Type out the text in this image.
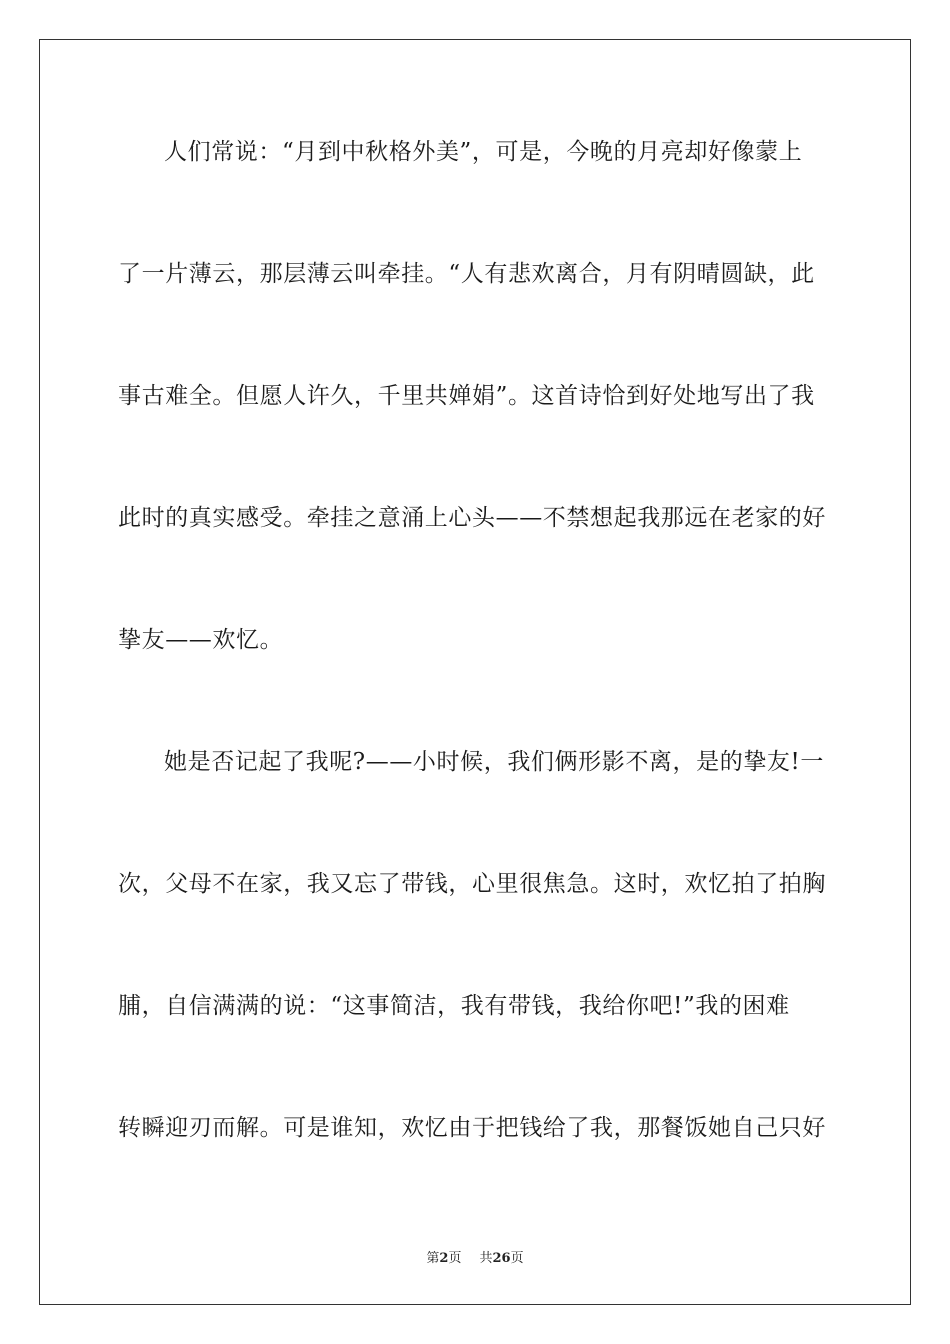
人们常说：“月到中秋格外美”，可是，今晚的月亮却好像蒙上
了一片薄云，那层薄云叫牵挂。“人有悲欢离合，月有阴晴圆缺，此
事古难全。但愿人许久，千里共婵娟”。这首诗恰到好处地写出了我
此时的真实感受。牵挂之意涌上心头——不禁想起我那远在老家的好
挚友——欢忆。
她是否记起了我呢?——小时候，我们俩形影不离，是的挚友!一
次，父母不在家，我又忘了带钱，心里很焦急。这时，欢忆拍了拍胸
脯，自信满满的说：“这事简洁，我有带钱，我给你吧!”我的困难
转瞬迎刃而解。可是谁知，欢忆由于把钱给了我，那餐饭她自己只好
第2页 共26页
